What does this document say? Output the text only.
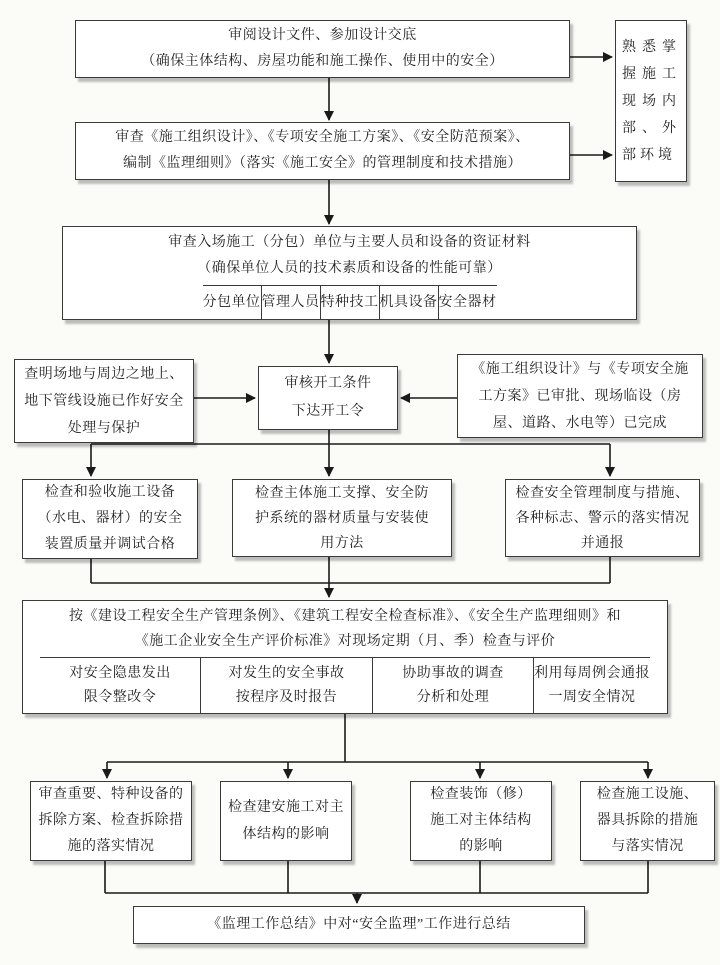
审阅设计文件、参加设计交底
（确保主体结构、房屋功能和施工操作、使用中的安全）
熟悉掌握施工现场内部、外部环境
审查《施工组织设计》、《专项安全施工方案》、《安全防范预案》、
编制《监理细则》（落实《施工安全》的管理制度和技术措施）
审查入场施工（分包）单位与主要人员和设备的资证材料
（确保单位人员的技术素质和设备的性能可靠）
分包单位 管理人员 特种技工 机具设备 安全器材
查明场地与周边之地上、地下管线设施已作好安全处理与保护
审核开工条件
下达开工令
《施工组织设计》与《专项安全施工方案》已审批、现场临设（房屋、道路、水电等）已完成
检查和验收施工设备（水电、器材）的安全装置质量并调试合格
检查主体施工支撑、安全防护系统的器材质量与安装使用方法
检查安全管理制度与措施、各种标志、警示的落实情况并通报
按《建设工程安全生产管理条例》、《建筑工程安全检查标准》、《安全生产监理细则》和
《施工企业安全生产评价标准》对现场定期（月、季）检查与评价
对安全隐患发出
限令整改令
对发生的安全事故
按程序及时报告
协助事故的调查
分析和处理
利用每周例会通报
一周安全情况
审查重要、特种设备的拆除方案、检查拆除措施的落实情况
检查建安施工对主体结构的影响
检查装饰（修）施工对主体结构的影响
检查施工设施、器具拆除的措施与落实情况
《监理工作总结》中对“安全监理”工作进行总结
